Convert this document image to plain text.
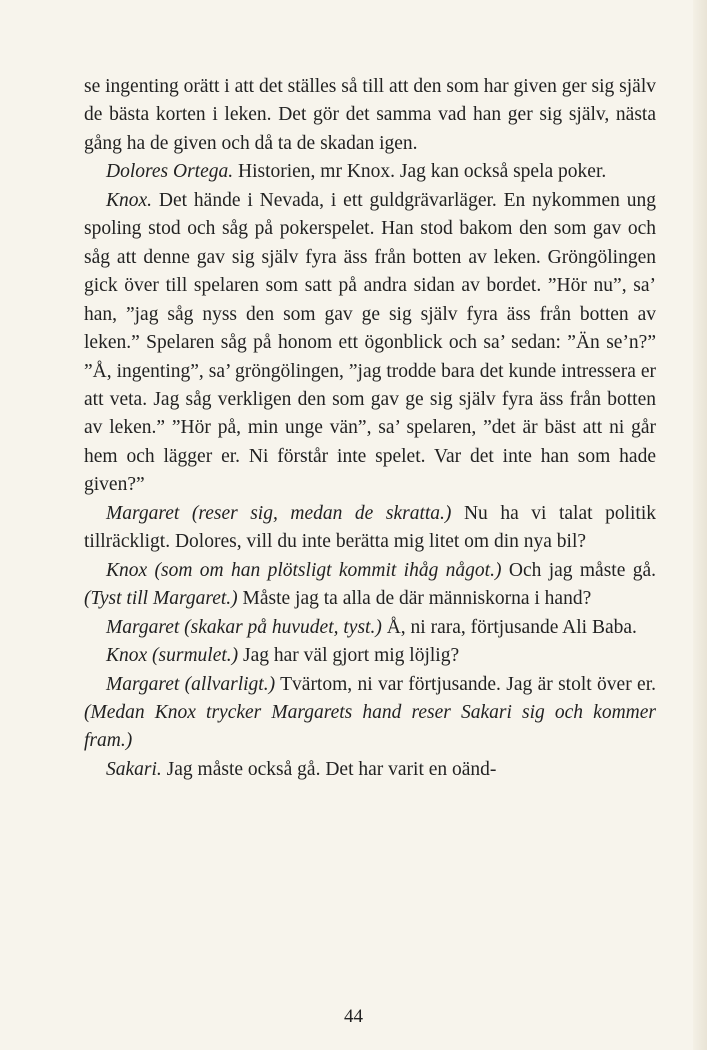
se ingenting orätt i att det ställes så till att den som har given ger sig själv de bästa korten i leken. Det gör det samma vad han ger sig själv, nästa gång ha de given och då ta de skadan igen.

Dolores Ortega. Historien, mr Knox. Jag kan också spela poker.

Knox. Det hände i Nevada, i ett guldgrävarläger. En nykommen ung spoling stod och såg på pokerspelet. Han stod bakom den som gav och såg att denne gav sig själv fyra äss från botten av leken. Gröngölingen gick över till spelaren som satt på andra sidan av bordet. ”Hör nu”, sa’ han, ”jag såg nyss den som gav ge sig själv fyra äss från botten av leken.” Spelaren såg på honom ett ögonblick och sa’ sedan: ”Än se’n?” ”Å, ingenting”, sa’ gröngölingen, ”jag trodde bara det kunde intressera er att veta. Jag såg verkligen den som gav ge sig själv fyra äss från botten av leken.” ”Hör på, min unge vän”, sa’ spelaren, ”det är bäst att ni går hem och lägger er. Ni förstår inte spelet. Var det inte han som hade given?”

Margaret (reser sig, medan de skratta.) Nu ha vi talat politik tillräckligt. Dolores, vill du inte berätta mig litet om din nya bil?

Knox (som om han plötsligt kommit ihåg något.) Och jag måste gå. (Tyst till Margaret.) Måste jag ta alla de där människorna i hand?

Margaret (skakar på huvudet, tyst.) Å, ni rara, förtjusande Ali Baba.

Knox (surmulet.) Jag har väl gjort mig löjlig?

Margaret (allvarligt.) Tvärtom, ni var förtjusande. Jag är stolt över er. (Medan Knox trycker Margarets hand reser Sakari sig och kommer fram.)

Sakari. Jag måste också gå. Det har varit en oänd-

44
